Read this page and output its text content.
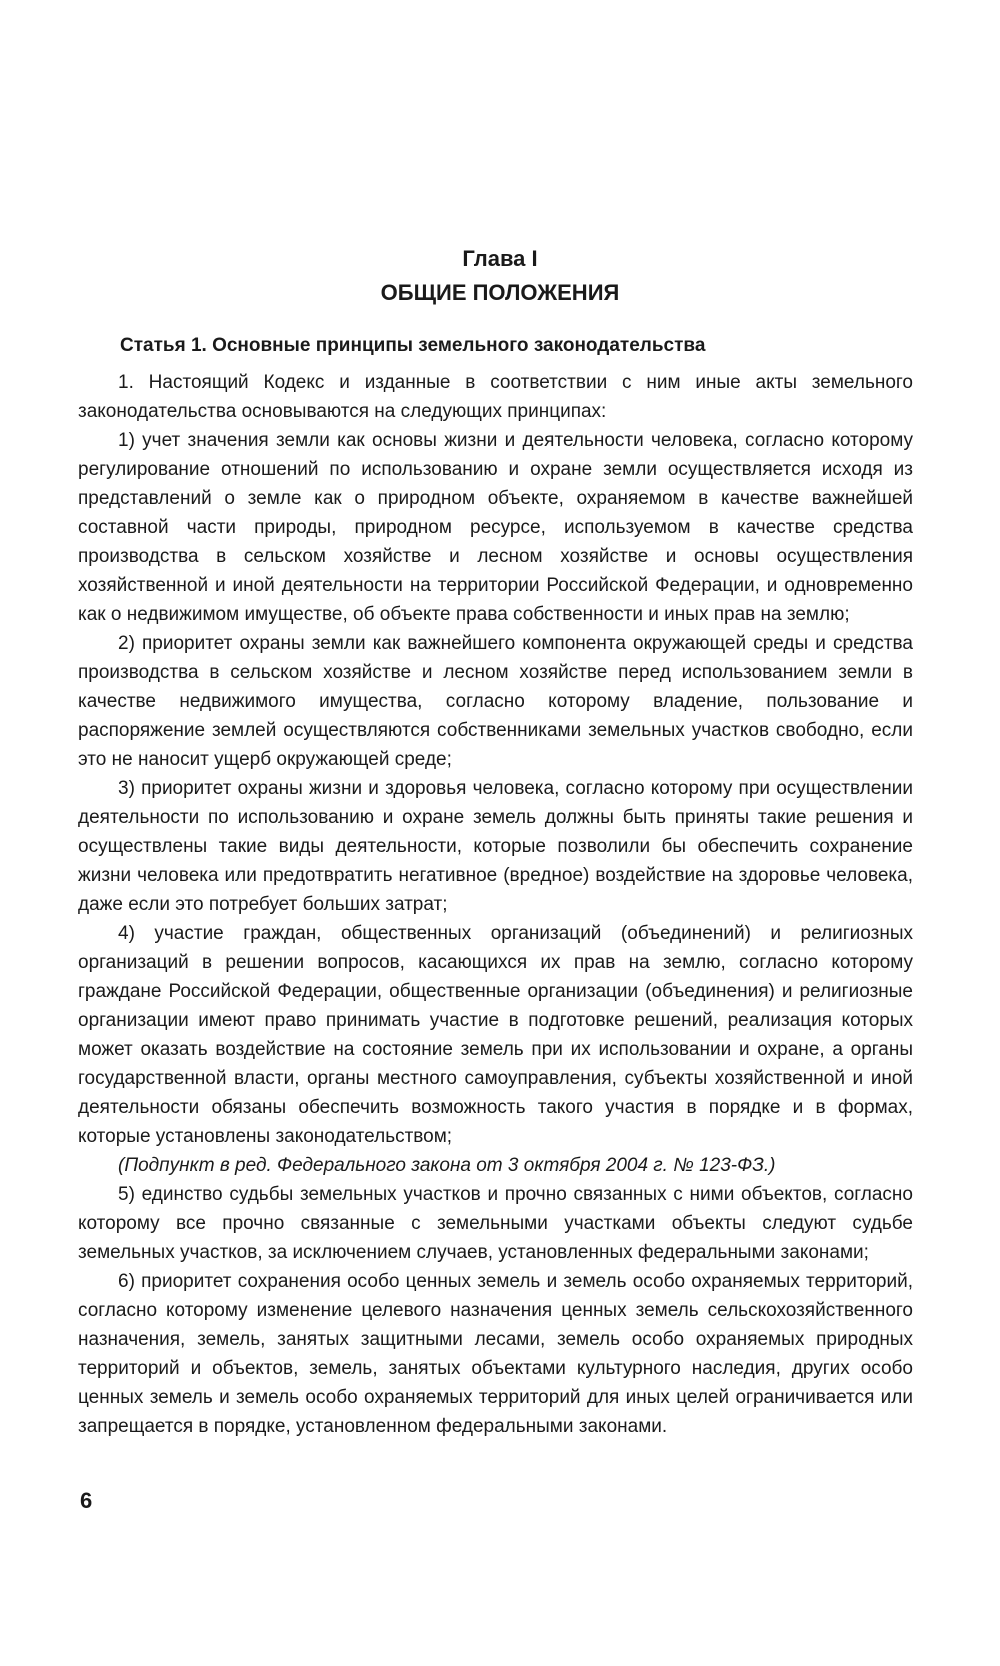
Глава I
ОБЩИЕ ПОЛОЖЕНИЯ
Статья 1. Основные принципы земельного законодательства

1. Настоящий Кодекс и изданные в соответствии с ним иные акты земельного законодательства основываются на следующих принципах:

1) учет значения земли как основы жизни и деятельности человека, согласно которому регулирование отношений по использованию и охране земли осуществляется исходя из представлений о земле как о природном объекте, охраняемом в качестве важнейшей составной части природы, природном ресурсе, используемом в качестве средства производства в сельском хозяйстве и лесном хозяйстве и основы осуществления хозяйственной и иной деятельности на территории Российской Федерации, и одновременно как о недвижимом имуществе, об объекте права собственности и иных прав на землю;

2) приоритет охраны земли как важнейшего компонента окружающей среды и средства производства в сельском хозяйстве и лесном хозяйстве перед использованием земли в качестве недвижимого имущества, согласно которому владение, пользование и распоряжение землей осуществляются собственниками земельных участков свободно, если это не наносит ущерб окружающей среде;

3) приоритет охраны жизни и здоровья человека, согласно которому при осуществлении деятельности по использованию и охране земель должны быть приняты такие решения и осуществлены такие виды деятельности, которые позволили бы обеспечить сохранение жизни человека или предотвратить негативное (вредное) воздействие на здоровье человека, даже если это потребует больших затрат;

4) участие граждан, общественных организаций (объединений) и религиозных организаций в решении вопросов, касающихся их прав на землю, согласно которому граждане Российской Федерации, общественные организации (объединения) и религиозные организации имеют право принимать участие в подготовке решений, реализация которых может оказать воздействие на состояние земель при их использовании и охране, а органы государственной власти, органы местного самоуправления, субъекты хозяйственной и иной деятельности обязаны обеспечить возможность такого участия в порядке и в формах, которые установлены законодательством;

(Подпункт в ред. Федерального закона от 3 октября 2004 г. № 123-ФЗ.)

5) единство судьбы земельных участков и прочно связанных с ними объектов, согласно которому все прочно связанные с земельными участками объекты следуют судьбе земельных участков, за исключением случаев, установленных федеральными законами;

6) приоритет сохранения особо ценных земель и земель особо охраняемых территорий, согласно которому изменение целевого назначения ценных земель сельскохозяйственного назначения, земель, занятых защитными лесами, земель особо охраняемых природных территорий и объектов, земель, занятых объектами культурного наследия, других особо ценных земель и земель особо охраняемых территорий для иных целей ограничивается или запрещается в порядке, установленном федеральными законами.

6
